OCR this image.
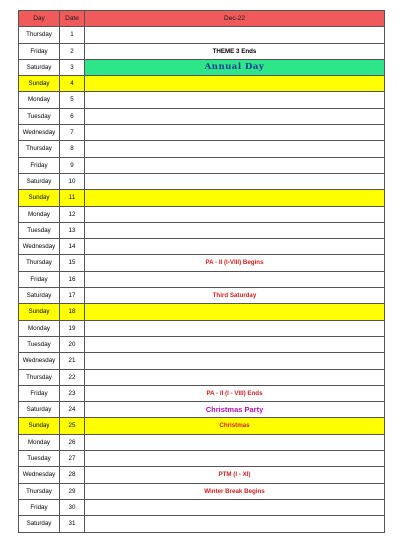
Day	Date	Dec-22
Thursday	1	
Friday	2	THEME 3 Ends
Saturday	3	Annual Day
Sunday	4	
Monday	5	
Tuesday	6	
Wednesday	7	
Thursday	8	
Friday	9	
Saturday	10	
Sunday	11	
Monday	12	
Tuesday	13	
Wednesday	14	
Thursday	15	PA - II (I-VIII) Begins
Friday	16	
Saturday	17	Third Saturday
Sunday	18	
Monday	19	
Tuesday	20	
Wednesday	21	
Thursday	22	
Friday	23	PA - II (I - VIII) Ends
Saturday	24	Christmas Party
Sunday	25	Christmas
Monday	26	
Tuesday	27	
Wednesday	28	PTM (I - XI)
Thursday	29	Winter Break Begins
Friday	30	
Saturday	31	
